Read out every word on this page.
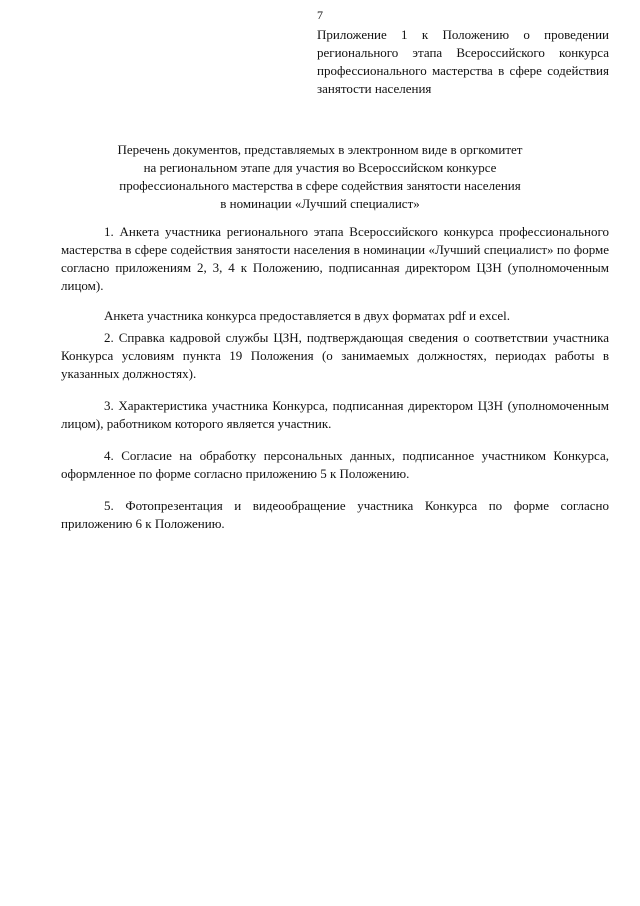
7
Приложение 1 к Положению о проведении регионального этапа Всероссийского конкурса профессионального мастерства в сфере содействия занятости населения
Перечень документов, представляемых в электронном виде в оргкомитет
на региональном этапе для участия во Всероссийском конкурсе
профессионального мастерства в сфере содействия занятости населения
в номинации «Лучший специалист»

1. Анкета участника регионального этапа Всероссийского конкурса профессионального мастерства в сфере содействия занятости населения в номинации «Лучший специалист» по форме согласно приложениям 2, 3, 4 к Положению, подписанная директором ЦЗН (уполномоченным лицом).

Анкета участника конкурса предоставляется в двух форматах pdf и excel.

2. Справка кадровой службы ЦЗН, подтверждающая сведения о соответствии участника Конкурса условиям пункта 19 Положения (о занимаемых должностях, периодах работы в указанных должностях).

3. Характеристика участника Конкурса, подписанная директором ЦЗН (уполномоченным лицом), работником которого является участник.

4. Согласие на обработку персональных данных, подписанное участником Конкурса, оформленное по форме согласно приложению 5 к Положению.

5. Фотопрезентация и видеообращение участника Конкурса по форме согласно приложению 6 к Положению.
